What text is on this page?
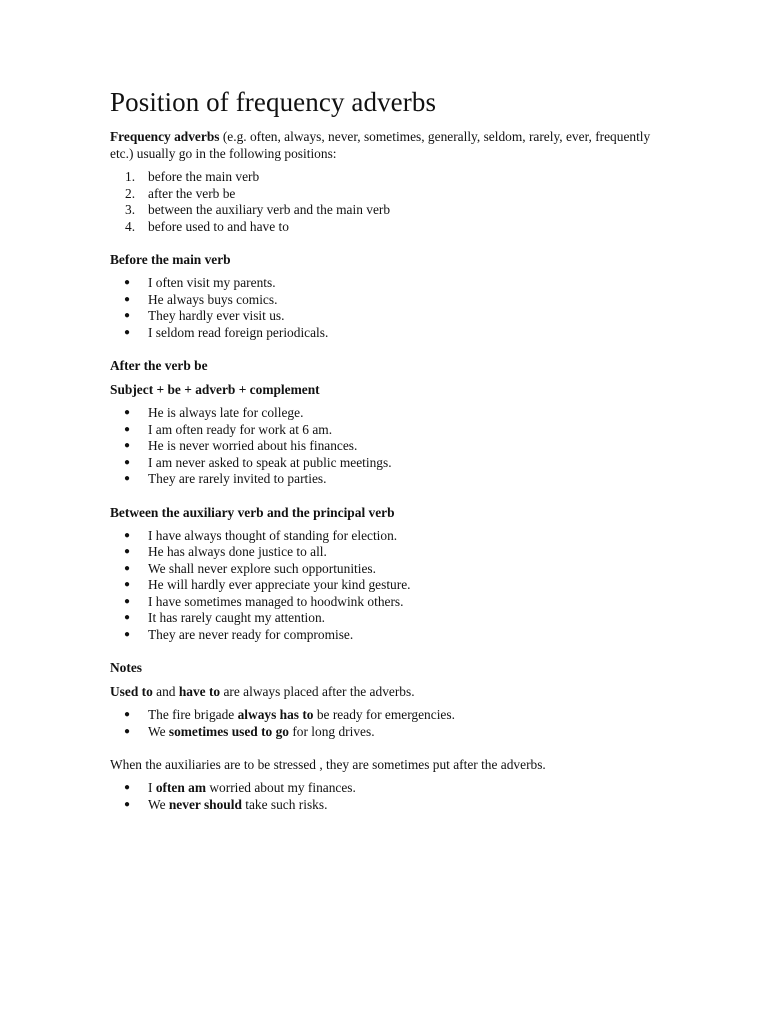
Position of frequency adverbs

Frequency adverbs (e.g. often, always, never, sometimes, generally, seldom, rarely, ever, frequently etc.) usually go in the following positions:

1. before the main verb
2. after the verb be
3. between the auxiliary verb and the main verb
4. before used to and have to

Before the main verb

● I often visit my parents.
● He always buys comics.
● They hardly ever visit us.
● I seldom read foreign periodicals.

After the verb be

Subject + be + adverb + complement

● He is always late for college.
● I am often ready for work at 6 am.
● He is never worried about his finances.
● I am never asked to speak at public meetings.
● They are rarely invited to parties.

Between the auxiliary verb and the principal verb

● I have always thought of standing for election.
● He has always done justice to all.
● We shall never explore such opportunities.
● He will hardly ever appreciate your kind gesture.
● I have sometimes managed to hoodwink others.
● It has rarely caught my attention.
● They are never ready for compromise.

Notes

Used to and have to are always placed after the adverbs.

● The fire brigade always has to be ready for emergencies.
● We sometimes used to go for long drives.

When the auxiliaries are to be stressed , they are sometimes put after the adverbs.

● I often am worried about my finances.
● We never should take such risks.
